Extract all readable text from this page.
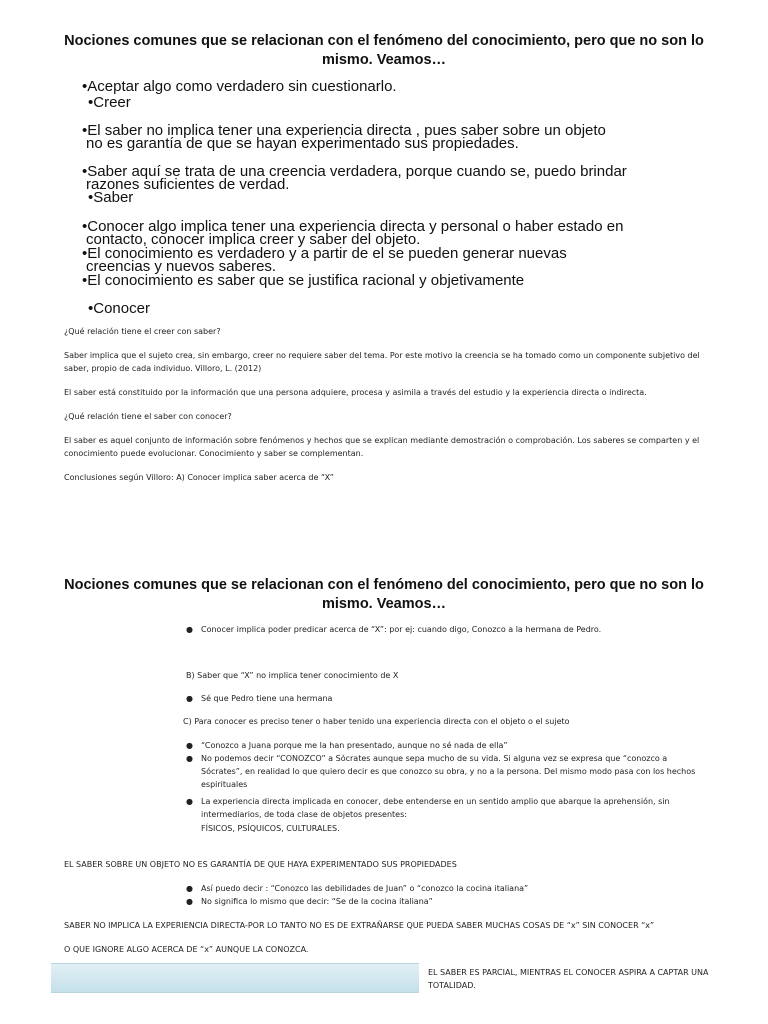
Nociones comunes que se relacionan con el fenómeno del conocimiento, pero que no son lo mismo. Veamos…
•Aceptar algo como verdadero sin cuestionarlo.
•Creer
•El saber no implica tener una experiencia directa , pues saber sobre un objeto
no es garantía de que se hayan experimentado sus propiedades.
•Saber aquí se trata de una creencia verdadera, porque cuando se, puedo brindar
razones suficientes de verdad.
•Saber
•Conocer algo implica tener una experiencia directa y personal o haber estado en
contacto, conocer implica creer y saber del objeto.
•El conocimiento es verdadero y a partir de el se pueden generar nuevas
creencias y nuevos saberes.
•El conocimiento es saber que se justifica racional y objetivamente
•Conocer
¿Qué relación tiene el creer con saber?
Saber implica que el sujeto crea, sin embargo, creer no requiere saber del tema. Por este motivo la creencia se ha tomado como un componente subjetivo del saber, propio de cada individuo. Villoro, L. (2012)
El saber está constituido por la información que una persona adquiere, procesa y asimila a través del estudio y la experiencia directa o indirecta.
¿Qué relación tiene el saber con conocer?
El saber es aquel conjunto de información sobre fenómenos y hechos que se explican mediante demostración o comprobación. Los saberes se comparten y el conocimiento puede evolucionar. Conocimiento y saber se complementan.
Conclusiones según Villoro: A) Conocer implica saber acerca de “X”
Nociones comunes que se relacionan con el fenómeno del conocimiento, pero que no son lo mismo. Veamos…
● Conocer implica poder predicar acerca de “X”: por ej: cuando digo, Conozco a la hermana de Pedro.
B) Saber que “X” no implica tener conocimiento de X
● Sé que Pedro tiene una hermana
C) Para conocer es preciso tener o haber tenido una experiencia directa con el objeto o el sujeto
● “Conozco a Juana porque me la han presentado, aunque no sé nada de ella”
● No podemos decir “CONOZCO” a Sócrates aunque sepa mucho de su vida. Si alguna vez se expresa que “conozco a Sócrates”, en realidad lo que quiero decir es que conozco su obra, y no a la persona. Del mismo modo pasa con los hechos espirituales
● La experiencia directa implicada en conocer, debe entenderse en un sentido amplio que abarque la aprehensión, sin intermediarios, de toda clase de objetos presentes:
FÍSICOS, PSÍQUICOS, CULTURALES.
EL SABER SOBRE UN OBJETO NO ES GARANTÍA DE QUE HAYA EXPERIMENTADO SUS PROPIEDADES
● Así puedo decir : “Conozco las debilidades de Juan” o “conozco la cocina italiana”
● No significa lo mismo que decir: “Se de la cocina italiana”
SABER NO IMPLICA LA EXPERIENCIA DIRECTA-POR LO TANTO NO ES DE EXTRAÑARSE QUE PUEDA SABER MUCHAS COSAS DE “x” SIN CONOCER “x”
O QUE IGNORE ALGO ACERCA DE “x” AUNQUE LA CONOZCA.
EL SABER ES PARCIAL, MIENTRAS EL CONOCER ASPIRA A CAPTAR UNA TOTALIDAD.
